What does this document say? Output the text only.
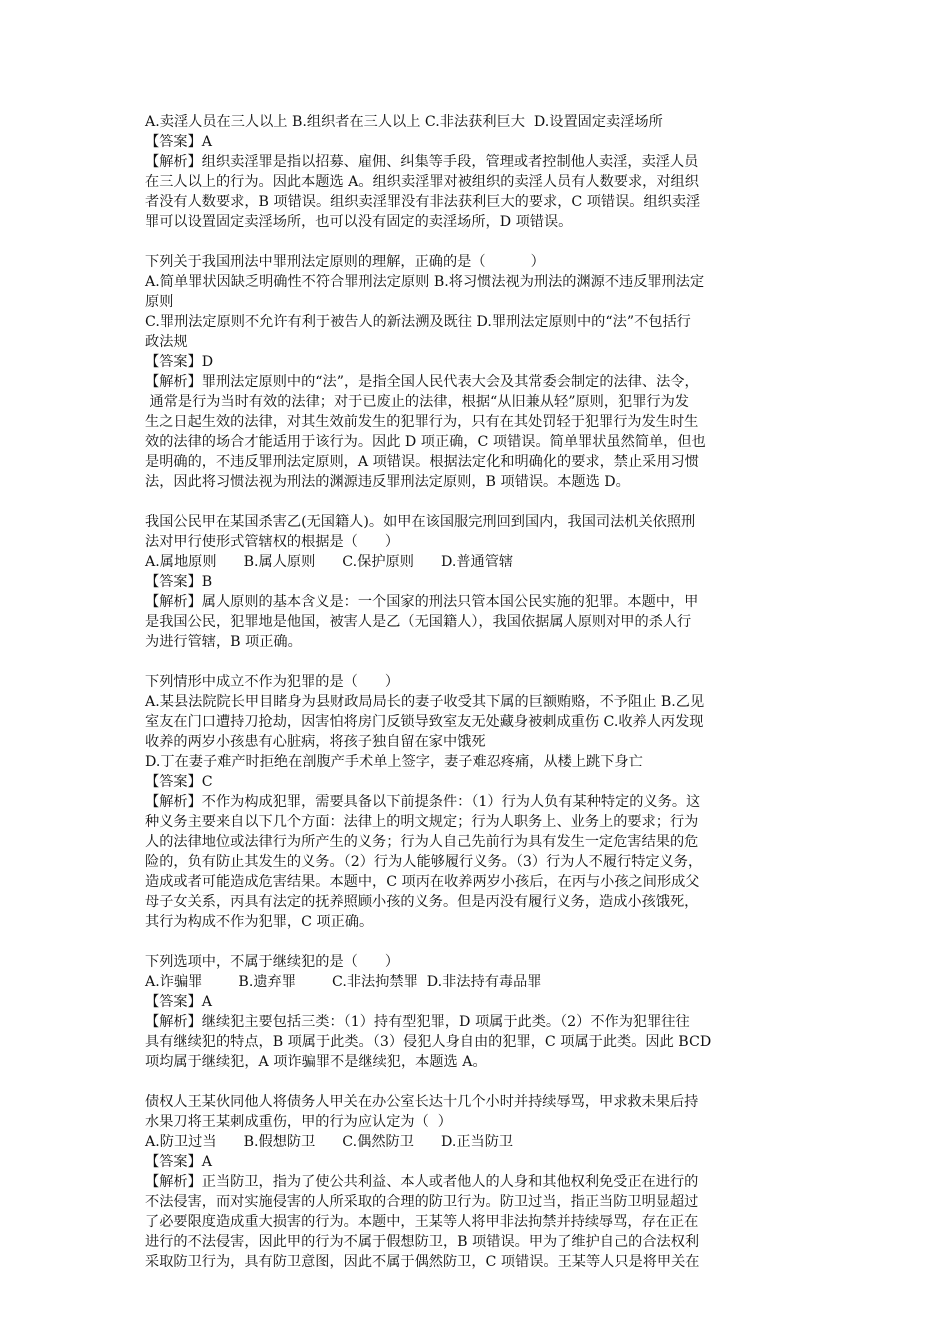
A.卖淫人员在三人以上 B.组织者在三人以上 C.非法获利巨大  D.设置固定卖淫场所
【答案】A
【解析】组织卖淫罪是指以招募、雇佣、纠集等手段，管理或者控制他人卖淫，卖淫人员
在三人以上的行为。因此本题选 A。组织卖淫罪对被组织的卖淫人员有人数要求，对组织
者没有人数要求，B 项错误。组织卖淫罪没有非法获利巨大的要求，C 项错误。组织卖淫
罪可以设置固定卖淫场所，也可以没有固定的卖淫场所，D 项错误。
下列关于我国刑法中罪刑法定原则的理解，正确的是（          ）
A.简单罪状因缺乏明确性不符合罪刑法定原则 B.将习惯法视为刑法的渊源不违反罪刑法定
原则
C.罪刑法定原则不允许有利于被告人的新法溯及既往 D.罪刑法定原则中的“法”不包括行
政法规
【答案】D
【解析】罪刑法定原则中的“法”，是指全国人民代表大会及其常委会制定的法律、法令，
通常是行为当时有效的法律；对于已废止的法律，根据“从旧兼从轻”原则，犯罪行为发
生之日起生效的法律，对其生效前发生的犯罪行为，只有在其处罚轻于犯罪行为发生时生
效的法律的场合才能适用于该行为。因此 D 项正确，C 项错误。简单罪状虽然简单，但也
是明确的，不违反罪刑法定原则，A 项错误。根据法定化和明确化的要求，禁止采用习惯
法，因此将习惯法视为刑法的渊源违反罪刑法定原则，B 项错误。本题选 D。
我国公民甲在某国杀害乙(无国籍人)。如甲在该国服完刑回到国内，我国司法机关依照刑
法对甲行使形式管辖权的根据是（      ）
A.属地原则      B.属人原则      C.保护原则      D.普通管辖
【答案】B
【解析】属人原则的基本含义是：一个国家的刑法只管本国公民实施的犯罪。本题中，甲
是我国公民，犯罪地是他国，被害人是乙（无国籍人），我国依据属人原则对甲的杀人行
为进行管辖，B 项正确。
下列情形中成立不作为犯罪的是（      ）
A.某县法院院长甲目睹身为县财政局局长的妻子收受其下属的巨额贿赂，不予阻止 B.乙见
室友在门口遭持刀抢劫，因害怕将房门反锁导致室友无处藏身被刺成重伤 C.收养人丙发现
收养的两岁小孩患有心脏病，将孩子独自留在家中饿死
D.丁在妻子难产时拒绝在剖腹产手术单上签字，妻子难忍疼痛，从楼上跳下身亡
【答案】C
【解析】不作为构成犯罪，需要具备以下前提条件：（1）行为人负有某种特定的义务。这
种义务主要来自以下几个方面：法律上的明文规定；行为人职务上、业务上的要求；行为
人的法律地位或法律行为所产生的义务；行为人自己先前行为具有发生一定危害结果的危
险的，负有防止其发生的义务。（2）行为人能够履行义务。（3）行为人不履行特定义务，
造成或者可能造成危害结果。本题中，C 项丙在收养两岁小孩后，在丙与小孩之间形成父
母子女关系，丙具有法定的抚养照顾小孩的义务。但是丙没有履行义务，造成小孩饿死，
其行为构成不作为犯罪，C 项正确。
下列选项中，不属于继续犯的是（      ）
A.诈骗罪        B.遗弃罪        C.非法拘禁罪  D.非法持有毒品罪
【答案】A
【解析】继续犯主要包括三类：（1）持有型犯罪，D 项属于此类。（2）不作为犯罪往往
具有继续犯的特点，B 项属于此类。（3）侵犯人身自由的犯罪，C 项属于此类。因此 BCD
项均属于继续犯，A 项诈骗罪不是继续犯，本题选 A。
债权人王某伙同他人将债务人甲关在办公室长达十几个小时并持续辱骂，甲求救未果后持
水果刀将王某刺成重伤，甲的行为应认定为（  ）
A.防卫过当      B.假想防卫      C.偶然防卫      D.正当防卫
【答案】A
【解析】正当防卫，指为了使公共利益、本人或者他人的人身和其他权利免受正在进行的
不法侵害，而对实施侵害的人所采取的合理的防卫行为。防卫过当，指正当防卫明显超过
了必要限度造成重大损害的行为。本题中，王某等人将甲非法拘禁并持续辱骂，存在正在
进行的不法侵害，因此甲的行为不属于假想防卫，B 项错误。甲为了维护自己的合法权利
采取防卫行为，具有防卫意图，因此不属于偶然防卫，C 项错误。王某等人只是将甲关在
